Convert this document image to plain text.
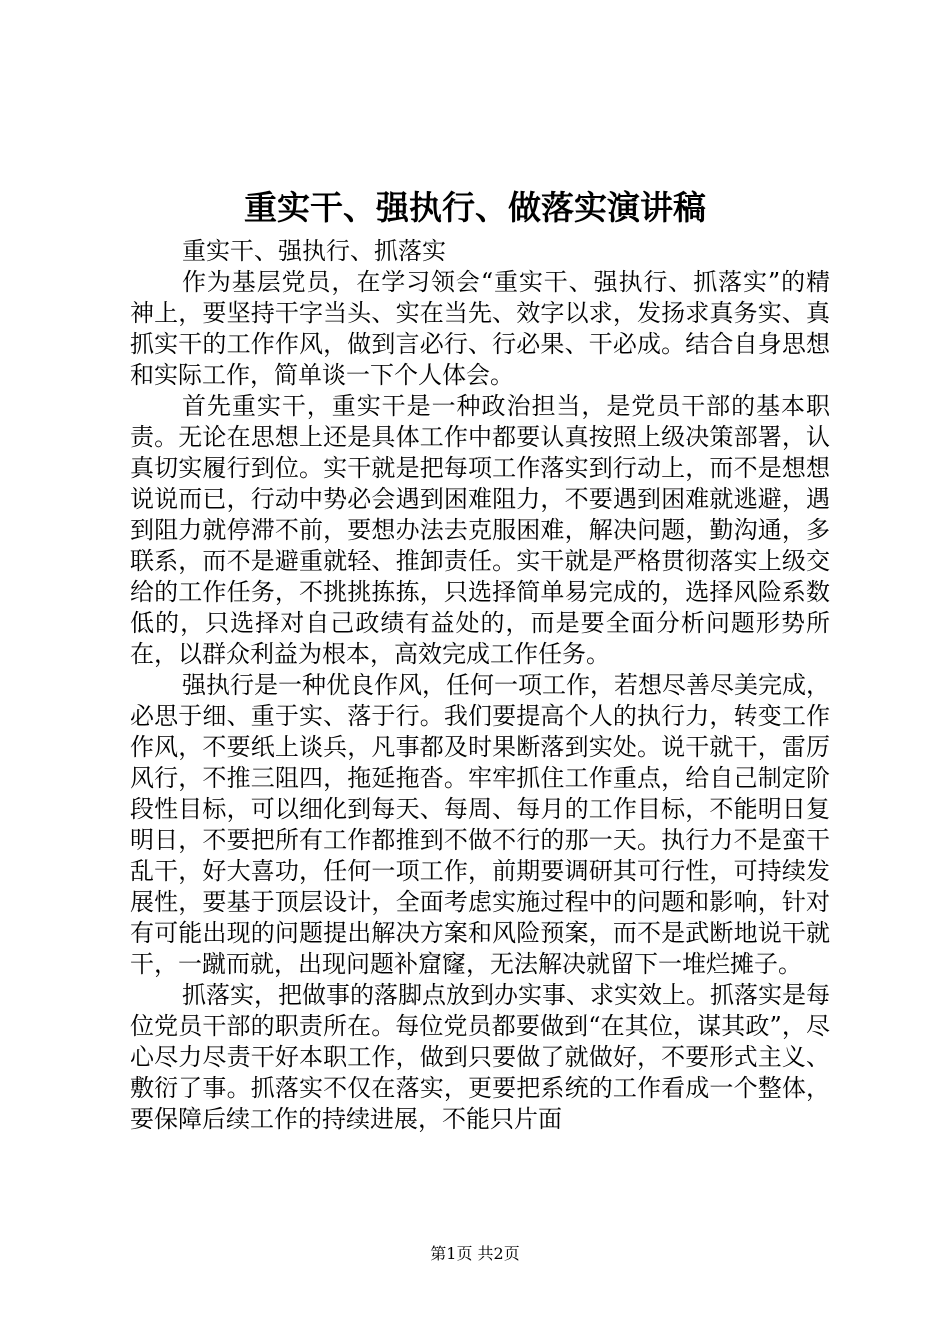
重实干、强执行、做落实演讲稿

重实干、强执行、抓落实

作为基层党员，在学习领会“重实干、强执行、抓落实”的精神上，要坚持干字当头、实在当先、效字以求，发扬求真务实、真抓实干的工作作风，做到言必行、行必果、干必成。结合自身思想和实际工作，简单谈一下个人体会。

首先重实干，重实干是一种政治担当，是党员干部的基本职责。无论在思想上还是具体工作中都要认真按照上级决策部署，认真切实履行到位。实干就是把每项工作落实到行动上，而不是想想说说而已，行动中势必会遇到困难阻力，不要遇到困难就逃避，遇到阻力就停滞不前，要想办法去克服困难，解决问题，勤沟通，多联系，而不是避重就轻、推卸责任。实干就是严格贯彻落实上级交给的工作任务，不挑挑拣拣，只选择简单易完成的，选择风险系数低的，只选择对自己政绩有益处的，而是要全面分析问题形势所在，以群众利益为根本，高效完成工作任务。

强执行是一种优良作风，任何一项工作，若想尽善尽美完成，必思于细、重于实、落于行。我们要提高个人的执行力，转变工作作风，不要纸上谈兵，凡事都及时果断落到实处。说干就干，雷厉风行，不推三阻四，拖延拖沓。牢牢抓住工作重点，给自己制定阶段性目标，可以细化到每天、每周、每月的工作目标，不能明日复明日，不要把所有工作都推到不做不行的那一天。执行力不是蛮干乱干，好大喜功，任何一项工作，前期要调研其可行性，可持续发展性，要基于顶层设计，全面考虑实施过程中的问题和影响，针对有可能出现的问题提出解决方案和风险预案，而不是武断地说干就干，一蹴而就，出现问题补窟窿，无法解决就留下一堆烂摊子。

抓落实，把做事的落脚点放到办实事、求实效上。抓落实是每位党员干部的职责所在。每位党员都要做到“在其位，谋其政”，尽心尽力尽责干好本职工作，做到只要做了就做好，不要形式主义、敷衍了事。抓落实不仅在落实，更要把系统的工作看成一个整体，要保障后续工作的持续进展，不能只片面

第1页 共2页
